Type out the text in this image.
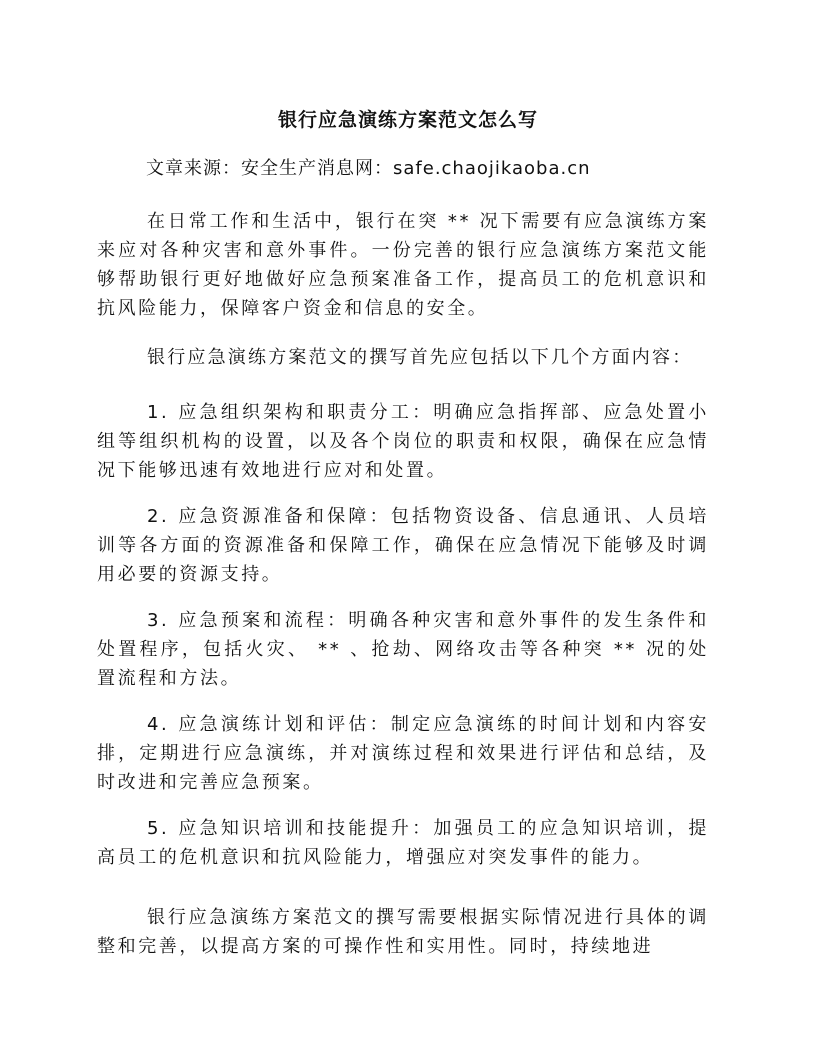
银行应急演练方案范文怎么写
文章来源：安全生产消息网：safe.chaojikaoba.cn

在日常工作和生活中，银行在突 ** 况下需要有应急演练方案来应对各种灾害和意外事件。一份完善的银行应急演练方案范文能够帮助银行更好地做好应急预案准备工作，提高员工的危机意识和抗风险能力，保障客户资金和信息的安全。

银行应急演练方案范文的撰写首先应包括以下几个方面内容：

1. 应急组织架构和职责分工：明确应急指挥部、应急处置小组等组织机构的设置，以及各个岗位的职责和权限，确保在应急情况下能够迅速有效地进行应对和处置。

2. 应急资源准备和保障：包括物资设备、信息通讯、人员培训等各方面的资源准备和保障工作，确保在应急情况下能够及时调用必要的资源支持。

3. 应急预案和流程：明确各种灾害和意外事件的发生条件和处置程序，包括火灾、 ** 、抢劫、网络攻击等各种突 ** 况的处置流程和方法。

4. 应急演练计划和评估：制定应急演练的时间计划和内容安排，定期进行应急演练，并对演练过程和效果进行评估和总结，及时改进和完善应急预案。

5. 应急知识培训和技能提升：加强员工的应急知识培训，提高员工的危机意识和抗风险能力，增强应对突发事件的能力。

银行应急演练方案范文的撰写需要根据实际情况进行具体的调整和完善，以提高方案的可操作性和实用性。同时，持续地进
